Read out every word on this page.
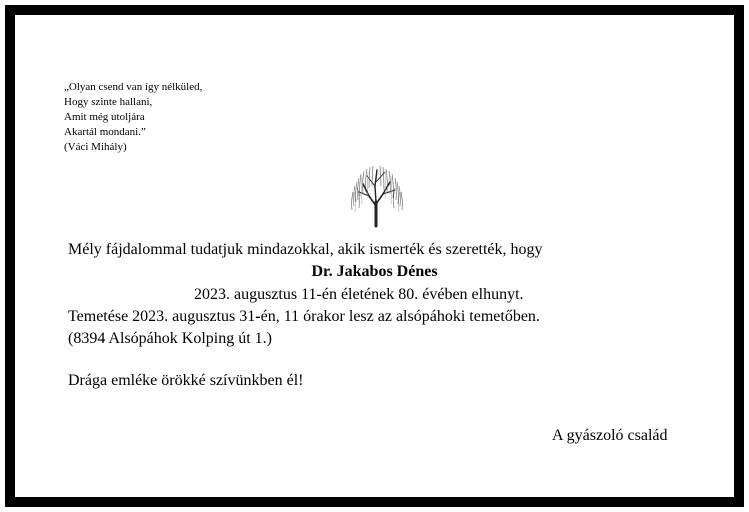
„Olyan csend van így nélküled,
Hogy szinte hallani,
Amit még utoljára
Akartál mondani.”
(Váci Mihály)
Mély fájdalommal tudatjuk mindazokkal, akik ismerték és szerették, hogy
Dr. Jakabos Dénes
2023. augusztus 11-én életének 80. évében elhunyt.
Temetése 2023. augusztus 31-én, 11 órakor lesz az alsópáhoki temetőben.
(8394 Alsópáhok Kolping út 1.)
Drága emléke örökké szívünkben él!
A gyászoló család
